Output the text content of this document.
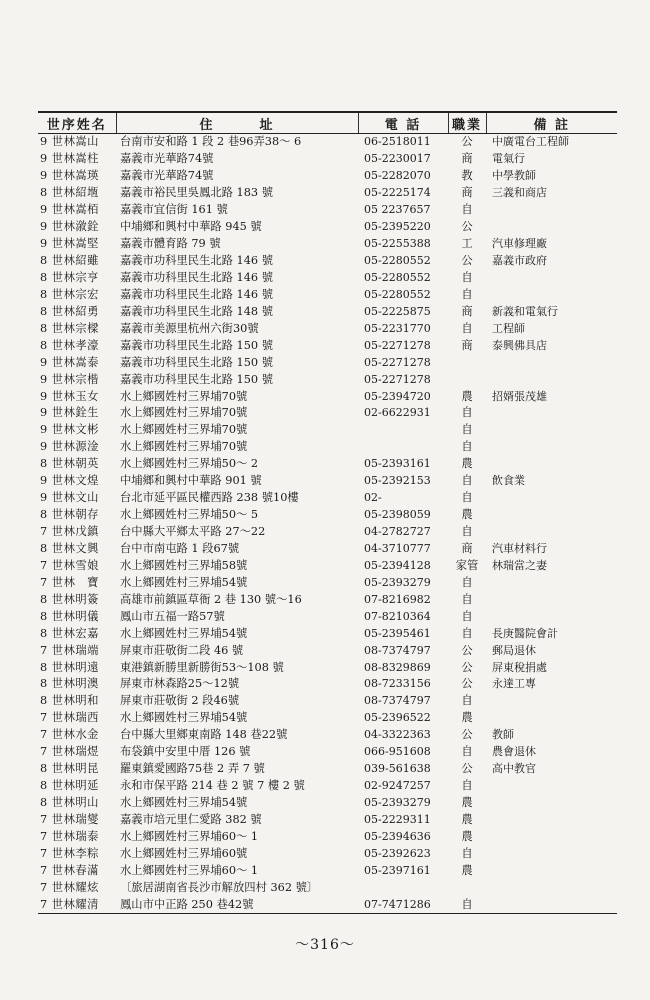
世序姓名	住　　　址	電 話	職業	備 註
9 世林嵩山	台南市安和路 1 段 2 巷96弄38～ 6	06-2518011	公	中廣電台工程師
9 世林嵩柱	嘉義市光華路74號	05-2230017	商	電氣行
9 世林嵩瑛	嘉義市光華路74號	05-2282070	教	中學教師
8 世林紹堩	嘉義市裕民里吳鳳北路 183 號	05-2225174	商	三義和商店
9 世林嵩栢	嘉義市宜信街 161 號	05 2237657	自	
9 世林漵銓	中埔鄉和興村中華路 945 號	05-2395220	公	
9 世林嵩堅	嘉義市體育路 79 號	05-2255388	工	汽車修理廠
8 世林紹雖	嘉義市功科里民生北路 146 號	05-2280552	公	嘉義市政府
8 世林宗亨	嘉義市功科里民生北路 146 號	05-2280552	自	
8 世林宗宏	嘉義市功科里民生北路 146 號	05-2280552	自	
8 世林紹勇	嘉義市功科里民生北路 148 號	05-2225875	商	新義和電氣行
8 世林宗樑	嘉義市美源里杭州六街30號	05-2231770	自	工程師
8 世林孝濠	嘉義市功科里民生北路 150 號	05-2271278	商	泰興佛具店
9 世林嵩泰	嘉義市功科里民生北路 150 號	05-2271278		
9 世林宗楷	嘉義市功科里民生北路 150 號	05-2271278		
9 世林玉女	水上鄉國姓村三界埔70號	05-2394720	農	招婿張茂雄
9 世林銓生	水上鄉國姓村三界埔70號	02-6622931	自	
9 世林文彬	水上鄉國姓村三界埔70號		自	
9 世林源淦	水上鄉國姓村三界埔70號		自	
8 世林朝英	水上鄉國姓村三界埔50～ 2	05-2393161	農	
9 世林文煌	中埔鄉和興村中華路 901 號	05-2392153	自	飲食業
9 世林文山	台北市延平區民權西路 238 號10樓	02-	自	
8 世林朝存	水上鄉國姓村三界埔50～ 5	05-2398059	農	
7 世林戊鎮	台中縣大平鄉太平路 27～22	04-2782727	自	
8 世林文興	台中市南屯路 1 段67號	04-3710777	商	汽車材料行
7 世林雪娘	水上鄉國姓村三界埔58號	05-2394128	家管	林瑞當之妻
7 世林　寶	水上鄉國姓村三界埔54號	05-2393279	自	
8 世林明簽	高雄市前鎮區草衙 2 巷 130 號～16	07-8216982	自	
8 世林明儀	鳳山市五福一路57號	07-8210364	自	
8 世林宏嘉	水上鄉國姓村三界埔54號	05-2395461	自	長庚醫院會計
7 世林瑞端	屏東市莊敬街二段 46 號	08-7374797	公	郵局退休
8 世林明遠	東港鎮新勝里新勝街53～108 號	08-8329869	公	屏東稅捐處
8 世林明澳	屏東市林森路25～12號	08-7233156	公	永達工專
8 世林明和	屏東市莊敬街 2 段46號	08-7374797	自	
7 世林瑞西	水上鄉國姓村三界埔54號	05-2396522	農	
7 世林水金	台中縣大里鄉東南路 148 巷22號	04-3322363	公	教師
7 世林瑞煜	布袋鎮中安里中厝 126 號	066-951608	自	農會退休
8 世林明昆	羅東鎮愛國路75巷 2 弄 7 號	039-561638	公	高中教官
8 世林明延	永和市保平路 214 巷 2 號 7 樓 2 號	02-9247257	自	
8 世林明山	水上鄉國姓村三界埔54號	05-2393279	農	
7 世林瑞燮	嘉義市培元里仁愛路 382 號	05-2229311	農	
7 世林瑞泰	水上鄉國姓村三界埔60～ 1	05-2394636	農	
7 世林李粽	水上鄉國姓村三界埔60號	05-2392623	自	
7 世林春滿	水上鄉國姓村三界埔60～ 1	05-2397161	農	
7 世林耀炫	〔旅居湖南省長沙市解放四村 362 號〕			
7 世林耀清	鳳山市中正路 250 巷42號	07-7471286	自	
～316～
